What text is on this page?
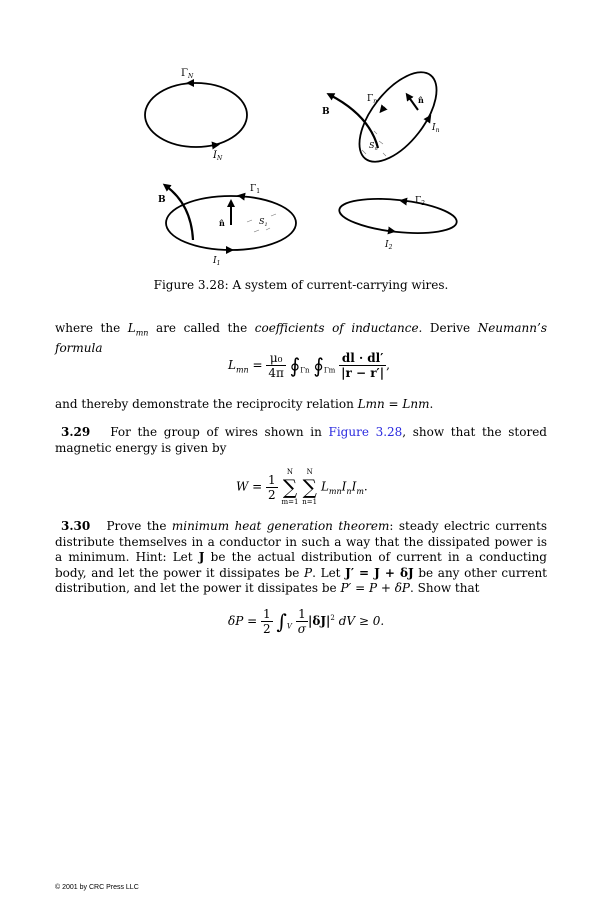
$\Gamma_N$
$I_N$
B
n̂
$\Gamma_n$
$I_n$
$S_n$
B
n̂
$\Gamma_1$
$I_1$
$S_1$
$\Gamma_2$
$I_2$
Figure 3.28: A system of current-carrying wires.
where the $L_{mn}$ are called the coefficients of inductance. Derive Neumann’s formula
$L_{mn} = \frac{\text{μ₀}}{4\pi}$ $∮_{\Gamma n}$ $∮_{\Gamma m} \frac{dl \cdot dl'}{|r - r'|}$ ,
and thereby demonstrate the reciprocity relation Lmn = Lnm.
3.29 For the group of wires shown in Figure 3.28, show that the stored magnetic energy is given by
$W = \frac{1}{2}$

N
∑
m=1

N
∑
n=1
$L_{mn}I_nI_m$.
3.30 Prove the minimum heat generation theorem: steady electric currents distribute themselves in a conductor in such a way that the dissipated power is a minimum. Hint: Let J be the actual distribution of current in a conducting body, and let the power it dissipates be P. Let J′ = J + δJ be any other current distribution, and let the power it dissipates be P′ = P + δP. Show that
$\delta P = \frac{1}{2} \int_V \frac{1}{\sigma} |\delta J|^2$ dV ≥ 0.
© 2001 by CRC Press LLC
